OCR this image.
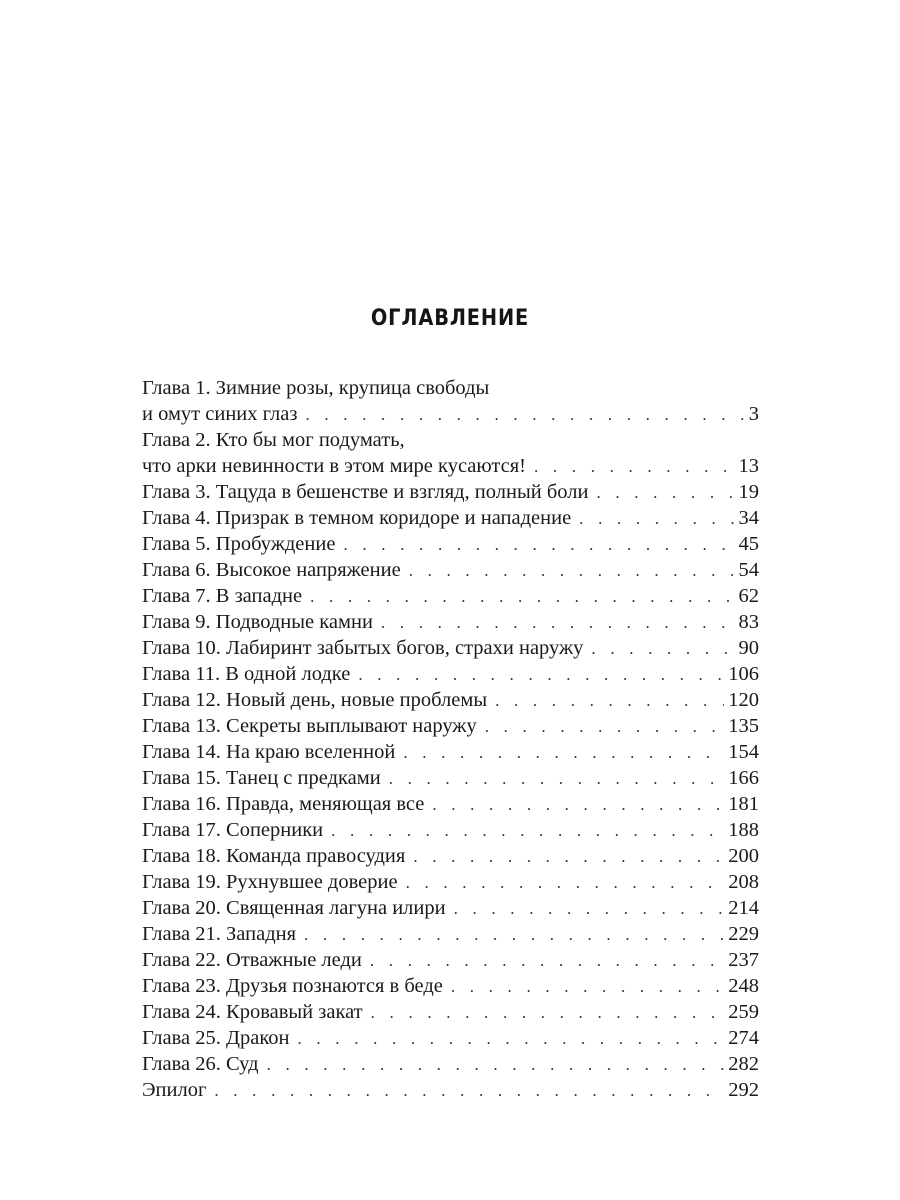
ОГЛАВЛЕНИЕ
Глава 1. Зимние розы, крупица свободы
и омут синих глаз . . .	3
Глава 2. Кто бы мог подумать,
что арки невинности в этом мире кусаются! . . .	13
Глава 3. Тацуда в бешенстве и взгляд, полный боли . . .	19
Глава 4. Призрак в темном коридоре и нападение . . .	34
Глава 5. Пробуждение . . .	45
Глава 6. Высокое напряжение . . .	54
Глава 7. В западне . . .	62
Глава 9. Подводные камни . . .	83
Глава 10. Лабиринт забытых богов, страхи наружу . . .	90
Глава 11. В одной лодке . . .	106
Глава 12. Новый день, новые проблемы . . .	120
Глава 13. Секреты выплывают наружу . . .	135
Глава 14. На краю вселенной . . .	154
Глава 15. Танец с предками . . .	166
Глава 16. Правда, меняющая все . . .	181
Глава 17. Соперники . . .	188
Глава 18. Команда правосудия . . .	200
Глава 19. Рухнувшее доверие . . .	208
Глава 20. Священная лагуна илири . . .	214
Глава 21. Западня . . .	229
Глава 22. Отважные леди . . .	237
Глава 23. Друзья познаются в беде . . .	248
Глава 24. Кровавый закат . . .	259
Глава 25. Дракон . . .	274
Глава 26. Суд . . .	282
Эпилог . . .	292
